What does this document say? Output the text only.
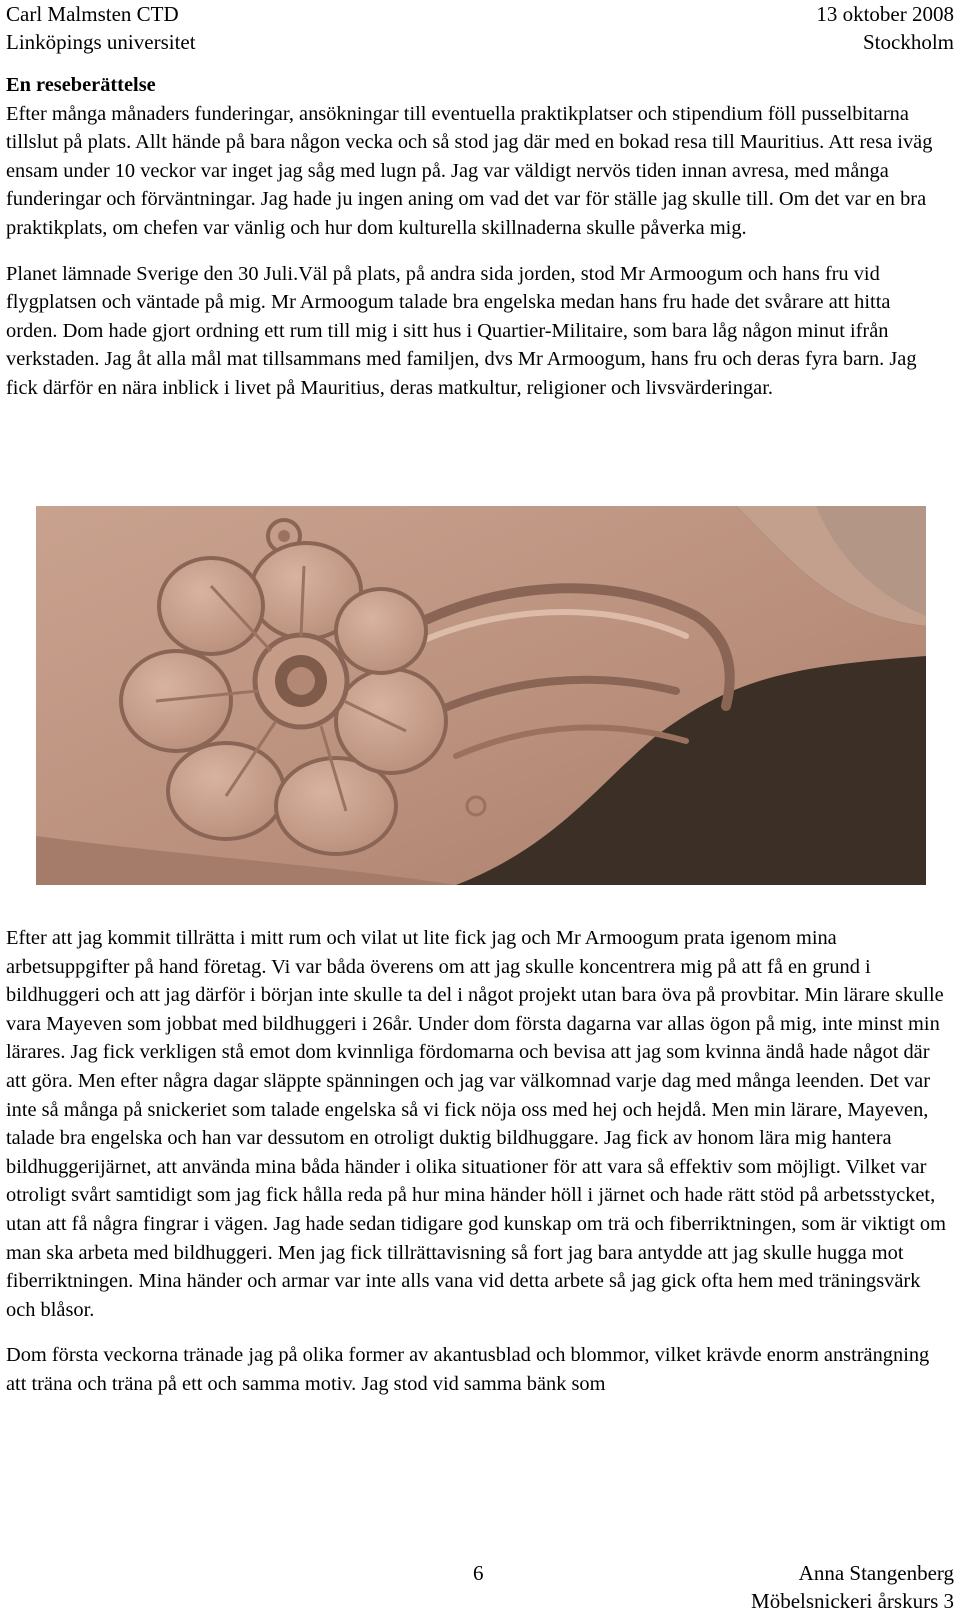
Carl Malmsten CTD	13 oktober 2008
Linköpings universitet	Stockholm

En reseberättelse

Efter många månaders funderingar, ansökningar till eventuella praktikplatser och stipendium föll pusselbitarna tillslut på plats. Allt hände på bara någon vecka och så stod jag där med en bokad resa till Mauritius. Att resa iväg ensam under 10 veckor var inget jag såg med lugn på. Jag var väldigt nervös tiden innan avresa, med många funderingar och förväntningar. Jag hade ju ingen aning om vad det var för ställe jag skulle till. Om det var en bra praktikplats, om chefen var vänlig och hur dom kulturella skillnaderna skulle påverka mig.

Planet lämnade Sverige den 30 Juli.Väl på plats, på andra sida jorden, stod Mr Armoogum och hans fru vid flygplatsen och väntade på mig. Mr Armoogum talade bra engelska medan hans fru hade det svårare att hitta orden. Dom hade gjort ordning ett rum till mig i sitt hus i Quartier-Militaire, som bara låg någon minut ifrån verkstaden. Jag åt alla mål mat tillsammans med familjen, dvs Mr Armoogum, hans fru och deras fyra barn. Jag fick därför en nära inblick i livet på Mauritius, deras matkultur, religioner och livsvärderingar.

Efter att jag kommit tillrätta i mitt rum och vilat ut lite fick jag och Mr Armoogum prata igenom mina arbetsuppgifter på hand företag. Vi var båda överens om att jag skulle koncentrera mig på att få en grund i bildhuggeri och att jag därför i början inte skulle ta del i något projekt utan bara öva på provbitar. Min lärare skulle vara Mayeven som jobbat med bildhuggeri i 26år. Under dom första dagarna var allas ögon på mig, inte minst min lärares. Jag fick verkligen stå emot dom kvinnliga fördomarna och bevisa att jag som kvinna ändå hade något där att göra. Men efter några dagar släppte spänningen och jag var välkomnad varje dag med många leenden. Det var inte så många på snickeriet som talade engelska så vi fick nöja oss med hej och hejdå. Men min lärare, Mayeven, talade bra engelska och han var dessutom en otroligt duktig bildhuggare. Jag fick av honom lära mig hantera bildhuggerijärnet, att använda mina båda händer i olika situationer för att vara så effektiv som möjligt. Vilket var otroligt svårt samtidigt som jag fick hålla reda på hur mina händer höll i järnet och hade rätt stöd på arbetsstycket, utan att få några fingrar i vägen. Jag hade sedan tidigare god kunskap om trä och fiberriktningen, som är viktigt om man ska arbeta med bildhuggeri. Men jag fick tillrättavisning så fort jag bara antydde att jag skulle hugga mot fiberriktningen. Mina händer och armar var inte alls vana vid detta arbete så jag gick ofta hem med träningsvärk och blåsor.

Dom första veckorna tränade jag på olika former av akantusblad och blommor, vilket krävde enorm ansträngning att träna och träna på ett och samma motiv. Jag stod vid samma bänk som

6	Anna Stangenberg
Möbelsnickeri årskurs 3
